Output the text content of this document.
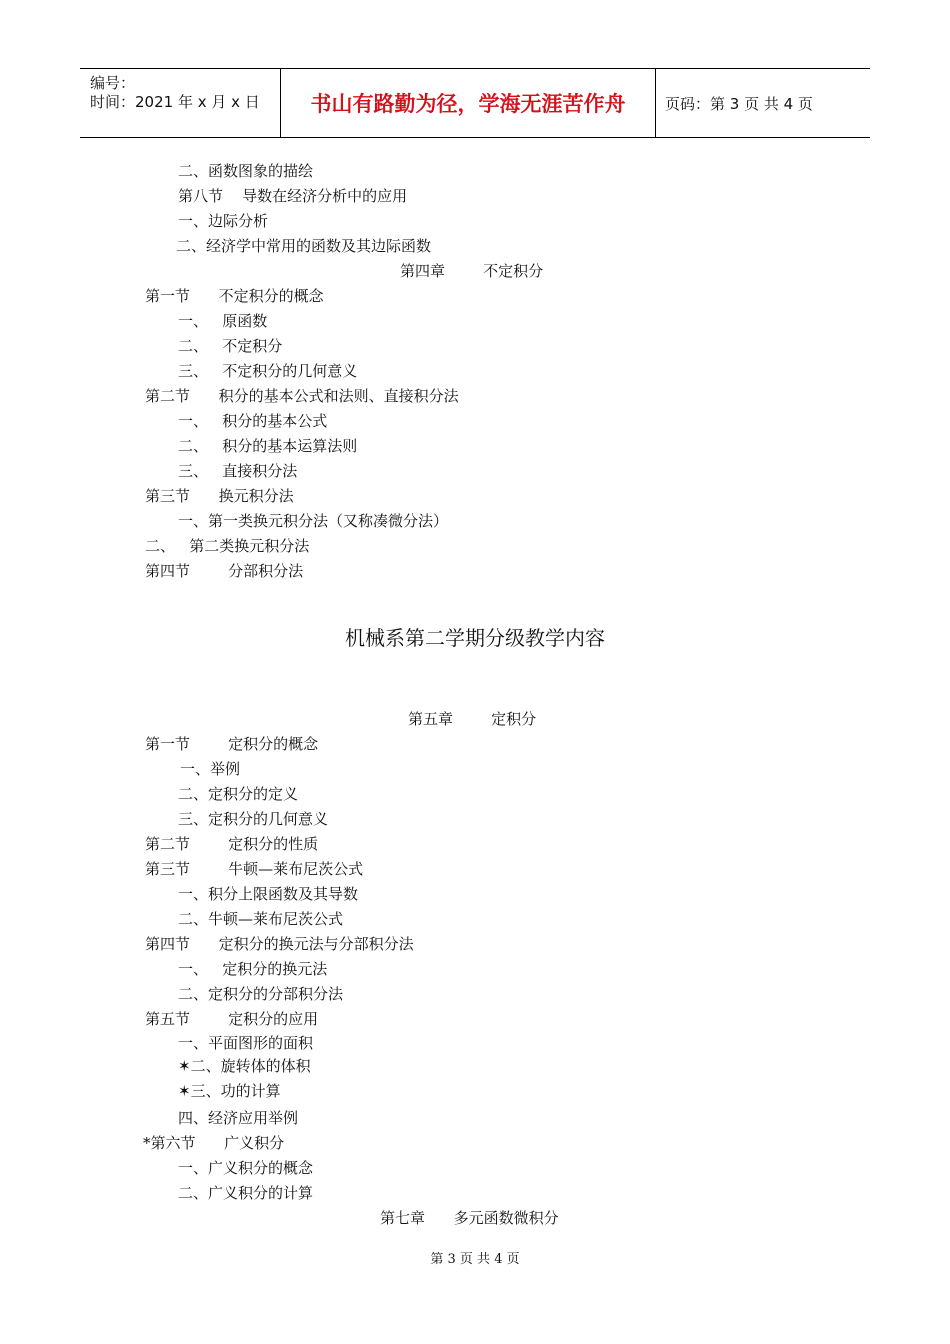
编号：
时间：2021 年 x 月 x 日	书山有路勤为径，学海无涯苦作舟	页码：第 3 页 共 4 页
二、函数图象的描绘
第八节    导数在经济分析中的应用
一、边际分析
二、经济学中常用的函数及其边际函数
第四章        不定积分
第一节      不定积分的概念
一、   原函数
二、   不定积分
三、   不定积分的几何意义
第二节      积分的基本公式和法则、直接积分法
一、   积分的基本公式
二、   积分的基本运算法则
三、   直接积分法
第三节      换元积分法
一、第一类换元积分法（又称凑微分法）
二、   第二类换元积分法
第四节        分部积分法
机械系第二学期分级教学内容
第五章        定积分
第一节        定积分的概念
一、举例
二、定积分的定义
三、定积分的几何意义
第二节        定积分的性质
第三节        牛顿—莱布尼茨公式
一、积分上限函数及其导数
二、牛顿—莱布尼茨公式
第四节      定积分的换元法与分部积分法
一、   定积分的换元法
二、定积分的分部积分法
第五节        定积分的应用
一、平面图形的面积
✶二、旋转体的体积
✶三、功的计算
四、经济应用举例
*第六节      广义积分
一、广义积分的概念
二、广义积分的计算
第七章      多元函数微积分
第 3 页 共 4 页
